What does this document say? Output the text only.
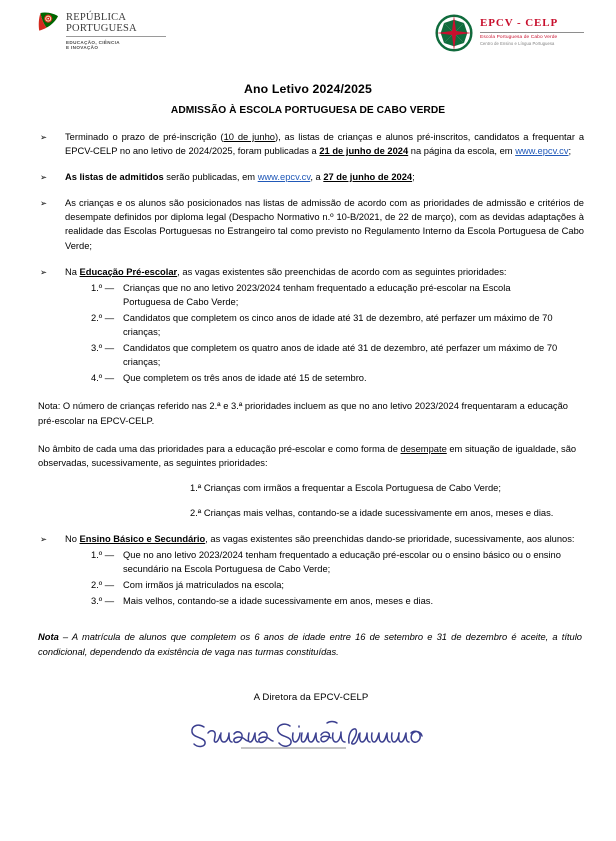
REPÚBLICA
PORTUGUESA
EDUCAÇÃO, CIÊNCIA
E INOVAÇÃO
EPCV - CELP
Escola Portuguesa de Cabo Verde
Centro de Ensino e Língua Portuguesa
Ano Letivo 2024/2025
ADMISSÃO À ESCOLA PORTUGUESA DE CABO VERDE
➢	Terminado o prazo de pré-inscrição (10 de junho), as listas de crianças e alunos pré-inscritos, candidatos a frequentar a EPCV-CELP no ano letivo de 2024/2025, foram publicadas a 21 de junho de 2024 na página da escola, em www.epcv.cv;
➢	As listas de admitidos serão publicadas, em www.epcv.cv, a 27 de junho de 2024;
➢	As crianças e os alunos são posicionados nas listas de admissão de acordo com as prioridades de admissão e critérios de desempate definidos por diploma legal (Despacho Normativo n.º 10-B/2021, de 22 de março), com as devidas adaptações à realidade das Escolas Portuguesas no Estrangeiro tal como previsto no Regulamento Interno da Escola Portuguesa de Cabo Verde;
➢	Na Educação Pré-escolar, as vagas existentes são preenchidas de acordo com as seguintes prioridades:
1.º — Crianças que no ano letivo 2023/2024 tenham frequentado a educação pré-escolar na Escola Portuguesa de Cabo Verde;
2.º — Candidatos que completem os cinco anos de idade até 31 de dezembro, até perfazer um máximo de 70 crianças;
3.º — Candidatos que completem os quatro anos de idade até 31 de dezembro, até perfazer um máximo de 70 crianças;
4.º — Que completem os três anos de idade até 15 de setembro.
Nota: O número de crianças referido nas 2.ª e 3.ª prioridades incluem as que no ano letivo 2023/2024 frequentaram a educação pré-escolar na EPCV-CELP.
No âmbito de cada uma das prioridades para a educação pré-escolar e como forma de desempate em situação de igualdade, são observadas, sucessivamente, as seguintes prioridades:
1.ª Crianças com irmãos a frequentar a Escola Portuguesa de Cabo Verde;
2.ª Crianças mais velhas, contando-se a idade sucessivamente em anos, meses e dias.
➢	No Ensino Básico e Secundário, as vagas existentes são preenchidas dando-se prioridade, sucessivamente, aos alunos:
1.º — Que no ano letivo 2023/2024 tenham frequentado a educação pré-escolar ou o ensino básico ou o ensino secundário na Escola Portuguesa de Cabo Verde;
2.º — Com irmãos já matriculados na escola;
3.º — Mais velhos, contando-se a idade sucessivamente em anos, meses e dias.
Nota – A matrícula de alunos que completem os 6 anos de idade entre 16 de setembro e 31 de dezembro é aceite, a título condicional, dependendo da existência de vaga nas turmas constituídas.
A Diretora da EPCV-CELP
